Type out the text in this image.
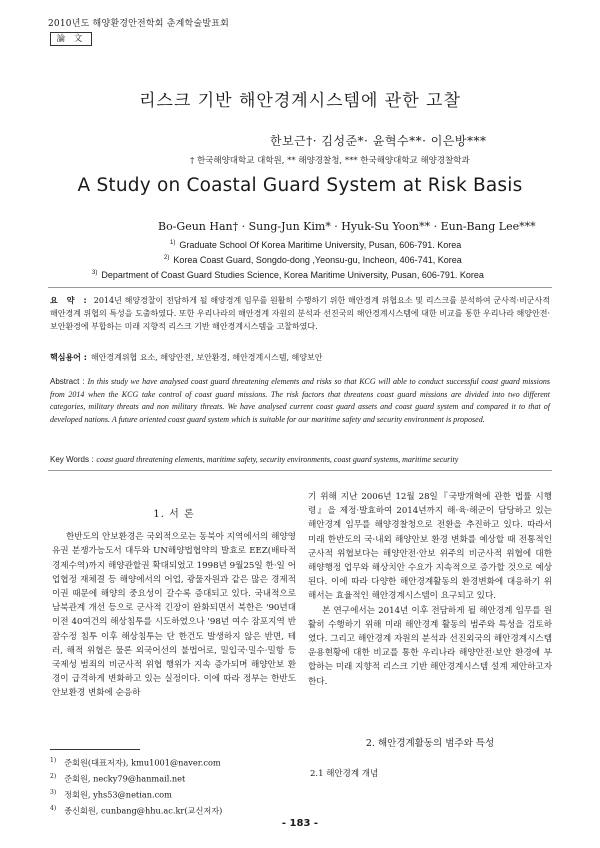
2010년도 해양환경안전학회 춘계학술발표회
論 文
리스크 기반 해안경계시스템에 관한 고찰
한보근†· 김성준*· 윤혁수**· 이은방***
† 한국해양대학교 대학원, ** 해양경찰청, *** 한국해양대학교 해양경찰학과
A Study on Coastal Guard System at Risk Basis
Bo-Geun Han† · Sung-Jun Kim* · Hyuk-Su Yoon** · Eun-Bang Lee***
$^{1)}$ Graduate School Of Korea Maritime University, Pusan, 606-791. Korea
$^{2)}$ Korea Coast Guard, Songdo-dong ,Yeonsu-gu, Incheon, 406-741, Korea
$^{3)}$ Department of Coast Guard Studies Science, Korea Maritime University, Pusan, 606-791. Korea
요 약 : 2014년 해양경찰이 전담하게 될 해양경계 임무를 원활히 수행하기 위한 해안경계 위협요소 및 리스크를 분석하여 군사적·비군사적 해안경계 위협의 특성을 도출하였다. 또한 우리나라의 해안경계 자원의 분석과 선진국의 해안경계시스템에 대한 비교를 통한 우리나라 해양안전·보안환경에 부합하는 미래 지향적 리스크 기반 해안경계시스템을 고찰하였다.
핵심용어 : 해안경계위협 요소, 해양안전, 보안환경, 해안경계시스템, 해양보안
Abstract : In this study we have analysed coast guard threatening elements and risks so that KCG will able to conduct successful coast guard missions from 2014 when the KCG take control of coast guard missions. The risk factors that threatens coast guard missions are divided into two different categories, military threats and non military threats. We have analysed current coast guard assets and coast guard system and compared it to that of developed nations. A future oriented coast guard system which is suitable for our maritime safety and security environment is proposed.
Key Words : coast guard threatening elements, maritime safety, security environments, coast guard systems, maritime security
1. 서 론

한반도의 안보환경은 국외적으로는 동북아 지역에서의 해양영유권 분쟁가능도서 대두와 UN해양법협약의 발효로 EEZ(배타적 경제수역)까지 해양관할권 확대되었고 1998년 9월25일 한·일 어업협정 재체결 등 해양에서의 어업, 광물자원과 같은 많은 경제적 이권 때문에 해양의 중요성이 갈수록 증대되고 있다. 국내적으로 남북관계 개선 등으로 군사적 긴장이 완화되면서 북한은 '90년대 이전 40여건의 해상침투를 시도하였으나 '98년 여수 잠포지역 반잠수정 침투 이후 해상침투는 단 한건도 발생하지 않은 반면, 테러, 해적 위협은 물론 외국어선의 불법어로, 밀입국·밀수·밀항 등 국제성 범죄의 비군사적 위협 행위가 지속 증가되며 해양안보 환경이 급격하게 변화하고 있는 실정이다. 이에 따라 정부는 한반도 안보환경 변화에 순응하

기 위해 지난 2006년 12월 28일『국방개혁에 관한 법률 시행령』을 제정·발효하여 2014년까지 해·육·해군이 담당하고 있는 해안경계 임무를 해양경찰청으로 전환을 추진하고 있다. 따라서 미래 한반도의 국·내외 해양안보 환경 변화를 예상할 때 전통적인 군사적 위협보다는 해양안전·안보 위주의 비군사적 위협에 대한 해양행정 업무와 해상치안 수요가 지속적으로 증가할 것으로 예상된다. 이에 따라 다양한 해안경계활동의 환경변화에 대응하기 위해서는 효율적인 해안경계시스템이 요구되고 있다.

본 연구에서는 2014년 이후 전담하게 될 해안경계 임무를 원활히 수행하기 위해 미래 해안경계 활동의 범주와 특성을 검토하였다. 그리고 해안경계 자원의 분석과 선진외국의 해안경계시스템 운용현황에 대한 비교를 통한 우리나라 해양안전·보안 환경에 부합하는 미래 지향적 리스크 기반 해안경계시스템 설계 제안하고자 한다.

$^{1)}$ 준회원(대표저자), kmu1001@naver.com
$^{2)}$ 준회원, necky79@hanmail.net
$^{3)}$ 정회원, yhs53@netian.com
$^{4)}$ 종신회원, cunbang@hhu.ac.kr(교신저자)
2. 해안경계활동의 범주와 특성
2.1 해안경계 개념
- 183 -
